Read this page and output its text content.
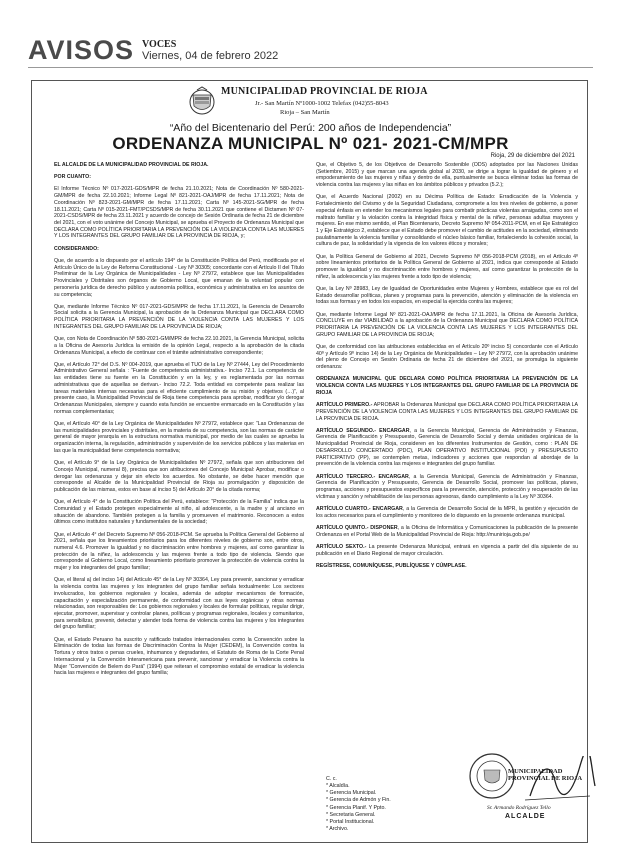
AVISOS VOCES
Viernes, 04 de febrero 2022
MUNICIPALIDAD PROVINCIAL DE RIOJA
Jr.- San Martín Nº1000-1002 Telefax (042)55-8043
Rioja – San Martín
“Año del Bicentenario del Perú: 200 años de Independencia”
ORDENANZA MUNICIPAL Nº 021- 2021-CM/MPR
Rioja, 29 de diciembre del 2021

EL ALCALDE DE LA MUNICIPALIDAD PROVINCIAL DE RIOJA.

POR CUANTO:

El Informe Técnico Nº 017-2021-GDS/MPR de fecha 21.10.2021; Nota de Coordinación Nº 580-2021-GM/MPR de fecha 22.10.2021; Informe Legal Nº 821-2021-OAJ/MPR de fecha 17.11.2021; Nota de Coordinación Nº 823-2021-GM/MPR de fecha 17.11.2021; Carta Nº 145-2021-SG/MPR de fecha 18.11.2021; Carta Nº 015-2021-FMT/PCSDS/MPR de fecha 30.11.2021 que contiene el Dictamen Nº 07-2021-CSDS/MPR de fecha 23.11.2021 y acuerdo de concejo de Sesión Ordinaria de fecha 21 de diciembre del 2021, con el voto unánime del Concejo Municipal, se aprueba el Proyecto de Ordenanza Municipal que DECLARA COMO POLÍTICA PRIORITARIA LA PREVENCIÓN DE LA VIOLENCIA CONTA LAS MUJERES Y LOS INTEGRANTES DEL GRUPO FAMILIAR DE LA PROVINCIA DE RIOJA, y;

CONSIDERANDO:

Que, de acuerdo a lo dispuesto por el artículo 194° de la Constitución Política del Perú, modificada por el Artículo Único de la Ley de Reforma Constitucional - Ley Nº 30305; concordante con el Artículo II del Título Preliminar de la Ley Orgánica de Municipalidades - Ley Nº 27972, establece que las Municipalidades Provinciales y Distritales son órganos de Gobierno Local, que emanan de la voluntad popular con personería jurídica de derecho público y autonomía política, económica y administrativa en los asuntos de su competencia;

Que, mediante Informe Técnico Nº 017-2021-GDS/MPR de fecha 17.11.2021, la Gerencia de Desarrollo Social solicita a la Gerencia Municipal, la aprobación de la Ordenanza Municipal que DECLARA COMO POLÍTICA PRIORITARIA LA PREVENCIÓN DE LA VIOLENCIA CONTA LAS MUJERES Y LOS INTEGRANTES DEL GRUPO FAMILIAR DE LA PROVINCIA DE RIOJA;

Que, con Nota de Coordinación Nº 580-2021-GM/MPR de fecha 22.10.2021, la Gerencia Municipal, solicita a la Oficina de Asesoría Jurídica la emisión de la opinión Legal, respecto a la aprobación de la citada Ordenanza Municipal, a efecto de continuar con el trámite administrativo correspondiente;

Que, el Artículo 72° del D.S. Nº 004-2019, que aprueba el TUO de la Ley Nº 27444, Ley del Procedimiento Administrativo General señala : “Fuente de competencia administrativa.- Inciso 72.1. La competencia de las entidades tiene su fuente en la Constitución y en la ley, y es reglamentada por las normas administrativas que de aquellas se derivan.- Inciso 72.2. Toda entidad es competente para realizar las tareas materiales internas necesarias para el eficiente cumplimiento de su misión y objetivos (…)”, al presente caso, la Municipalidad Provincial de Rioja tiene competencia para aprobar, modificar y/o derogar Ordenanzas Municipales, siempre y cuando esta función se encuentre enmarcado en la Constitución y las normas complementarias;

Que, el Artículo 40° de la Ley Orgánica de Municipalidades Nº 27972, establece que: “Las Ordenanzas de las municipalidades provinciales y distritales, en la materia de su competencia, son las normas de carácter general de mayor jerarquía en la estructura normativa municipal, por medio de las cuales se aprueba la organización interna, la regulación, administración y supervisión de los servicios públicos y las materias en las que la municipalidad tiene competencia normativa;

Que, el Artículo 9° de la Ley Orgánica de Municipalidades Nº 27972, señala que son atribuciones del Concejo Municipal, numeral 8), precisa que son atribuciones del Concejo Municipal: Aprobar, modificar o derogar las ordenanzas y dejar sin efecto los acuerdos. No obstante, se debe hacer mención que corresponde al Alcalde de la Municipalidad Provincial de Rioja su promulgación y disposición de publicación de las mismas, estos en base al inciso 5) del Artículo 20° de la citada norma;

Que, el Artículo 4° de la Constitución Política del Perú, establece: “Protección de la Familia” indica que la Comunidad y el Estado protegen especialmente al niño, al adolescente, a la madre y al anciano en situación de abandono. También protegen a la familia y promueven el matrimonio. Reconocen a estos últimos como institutos naturales y fundamentales de la sociedad;

Que, el Artículo 4° del Decreto Supremo Nº 056-2018-PCM. Se aprueba la Política General del Gobierno al 2021, señala que los lineamientos prioritarios para los diferentes niveles de gobierno son, entre otros, numeral 4.6. Promover la igualdad y no discriminación entre hombres y mujeres, así como garantizar la protección de la niñez, la adolescencia y las mujeres frente a todo tipo de violencia. Siendo que corresponde al Gobierno Local, como lineamiento prioritario promover la protección de violencia contra la mujer y los integrantes del grupo familiar;

Que, el literal a) del inciso 14) del Artículo 45° de la Ley Nº 30364, Ley para prevenir, sancionar y erradicar la violencia contra las mujeres y los integrantes del grupo familiar señala textualmente: Los sectores involucrados, los gobiernos regionales y locales, además de adoptar mecanismos de formación, capacitación y especialización permanente, de conformidad con sus leyes orgánicas y otras normas relacionadas, son responsables de: Los gobiernos regionales y locales de formular políticas, regular dirigir, ejecutar, promover, supervisar y controlar planes, políticas y programas regionales, locales y comunitarios, para sensibilizar, prevenir, detectar y atender toda forma de violencia contra las mujeres y los integrantes del grupo familiar;

Que, el Estado Peruano ha suscrito y ratificado tratados internacionales como la Convención sobre la Eliminación de todas las formas de Discriminación Contra la Mujer (CEDEM), la Convención contra la Tortura y otros tratos o penas crueles, inhumanos y degradantes, el Estatuto de Roma de la Corte Penal Internacional y la Convención Interamericana para prevenir, sancionar y erradicar la Violencia contra la Mujer “Convención de Belem do Pará” (1994) que reiteran el compromiso estatal de erradicar la violencia hacia las mujeres e integrantes del grupo familia;

Que, el Objetivo 5, de los Objetivos de Desarrollo Sostenible (ODS) adoptados por las Naciones Unidas (Setiembre, 2015) y que marcan una agenda global al 2030, se dirige a lograr la igualdad de género y el empoderamiento de las mujeres y niñas y dentro de ella, puntualmente se busca eliminar todas las formas de violencia contra las mujeres y las niñas en los ámbitos públicos y privados (5.2.);

Que, el Acuerdo Nacional (2002) en su Décima Política de Estado: Erradicación de la Violencia y Fortalecimiento del Civismo y de la Seguridad Ciudadana, compromete a los tres niveles de gobierno, a poner especial énfasis en extender los mecanismos legales para combatir prácticas violentas arraigadas, como son el maltrato familiar y la violación contra la integridad física y mental de la niñez, personas adultas mayores y mujeres. En ese mismo sentido, el Plan Bicentenario, Decreto Supremo Nº 054-2011-PCM, en el Eje Estratégico 1 y Eje Estratégico 2, establece que el Estado debe promover el cambio de actitudes en la sociedad, eliminando paulatinamente la violencia familiar y consolidando el núcleo básico familiar, fortaleciendo la cohesión social, la cultura de paz, la solidaridad y la vigencia de los valores éticos y morales;

Que, la Política General de Gobierno al 2021, Decreto Supremo Nº 056-2018-PCM (2018), en el Artículo 4º sobre lineamientos prioritarios de la Política General de Gobierno al 2021, indica que corresponde al Estado promover la igualdad y no discriminación entre hombres y mujeres, así como garantizar la protección de la niñez, la adolescencia y las mujeres frente a todo tipo de violencia;

Que, la Ley Nº 28983, Ley de Igualdad de Oportunidades entre Mujeres y Hombres, establece que es rol del Estado desarrollar políticas, planes y programas para la prevención, atención y eliminación de la violencia en todas sus formas y en todos los espacios, en especial la ejercida contra las mujeres;

Que, mediante Informe Legal Nº 821-2021-OAJ/MPR de fecha 17.11.2021, la Oficina de Asesoría Jurídica, CONCLUYE en dar VIABILIDAD a la aprobación de la Ordenanza Municipal que DECLARA COMO POLÍTICA PRIORITARIA LA PREVENCIÓN DE LA VIOLENCIA CONTA LAS MUJERES Y LOS INTEGRANTES DEL GRUPO FAMILIAR DE LA PROVINCIA DE RIOJA;

Que, de conformidad con las atribuciones establecidas en el Artículo 20º inciso 5) concordante con el Artículo 40º y Artículo 9º inciso 14) de la Ley Orgánica de Municipalidades – Ley Nº 27972, con la aprobación unánime del pleno de Concejo en Sesión Ordinaria de fecha 21 de diciembre del 2021, se promulga la siguiente ordenanza:

ORDENANZA MUNICIPAL QUE DECLARA COMO POLÍTICA PRIORITARIA LA PREVENCIÓN DE LA VIOLENCIA CONTA LAS MUJERES Y LOS INTEGRANTES DEL GRUPO FAMILIAR DE LA PROVINCIA DE RIOJA

ARTÍCULO PRIMERO.- APROBAR la Ordenanza Municipal que DECLARA COMO POLÍTICA PRIORITARIA LA PREVENCIÓN DE LA VIOLENCIA CONTA LAS MUJERES Y LOS INTEGRANTES DEL GRUPO FAMILIAR DE LA PROVINCIA DE RIOJA.

ARTÍCULO SEGUNDO.- ENCARGAR, a la Gerencia Municipal, Gerencia de Administración y Finanzas, Gerencia de Planificación y Presupuesto, Gerencia de Desarrollo Social y demás unidades orgánicas de la Municipalidad Provincial de Rioja, consideren en los diferentes Instrumentos de Gestión, como : PLAN DE DESARROLLO CONCERTADO (PDC), PLAN OPERATIVO INSTITUCIONAL (POI) y PRESUPUESTO PARTICIPATIVO (PP), se contemplen metas, indicadores y acciones que respondan al abordaje de la prevención de la violencia contra las mujeres e integrantes del grupo familiar.

ARTÍCULO TERCERO.- ENCARGAR, a la Gerencia Municipal, Gerencia de Administración y Finanzas, Gerencia de Planificación y Presupuesto, Gerencia de Desarrollo Social, promover las políticas, planes, programas, acciones y presupuestos específicos para la prevención, atención, protección y recuperación de las víctimas y sanción y rehabilitación de las personas agresoras, dando cumplimiento a la Ley Nº 30364.

ARTÍCULO CUARTO.- ENCARGAR, a la Gerencia de Desarrollo Social de la MPR, la gestión y ejecución de los actos necesarios para el cumplimiento y monitoreo de lo dispuesto en la presente ordenanza municipal.

ARTÍCULO QUINTO.- DISPONER, a la Oficina de Informática y Comunicaciones la publicación de la presente Ordenanza en el Portal Web de la Municipalidad Provincial de Rioja: http://munirioja.gob.pe/

ARTÍCULO SEXTO.- La presente Ordenanza Municipal, entrará en vigencia a partir del día siguiente de su publicación en el Diario Regional de mayor circulación.

REGÍSTRESE, COMUNÍQUESE, PUBLÍQUESE Y CÚMPLASE.

C. c.
* Alcaldía.
* Gerencia Municipal.
* Gerencia de Admón y Fin.
* Gerencia Planif. Y Ppto.
* Secretaria General.
* Portal Institucional.
* Archivo.
MUNICIPALIDAD PROVINCIAL DE RIOJA
Sr. Armando Rodríguez Tello
ALCALDE
